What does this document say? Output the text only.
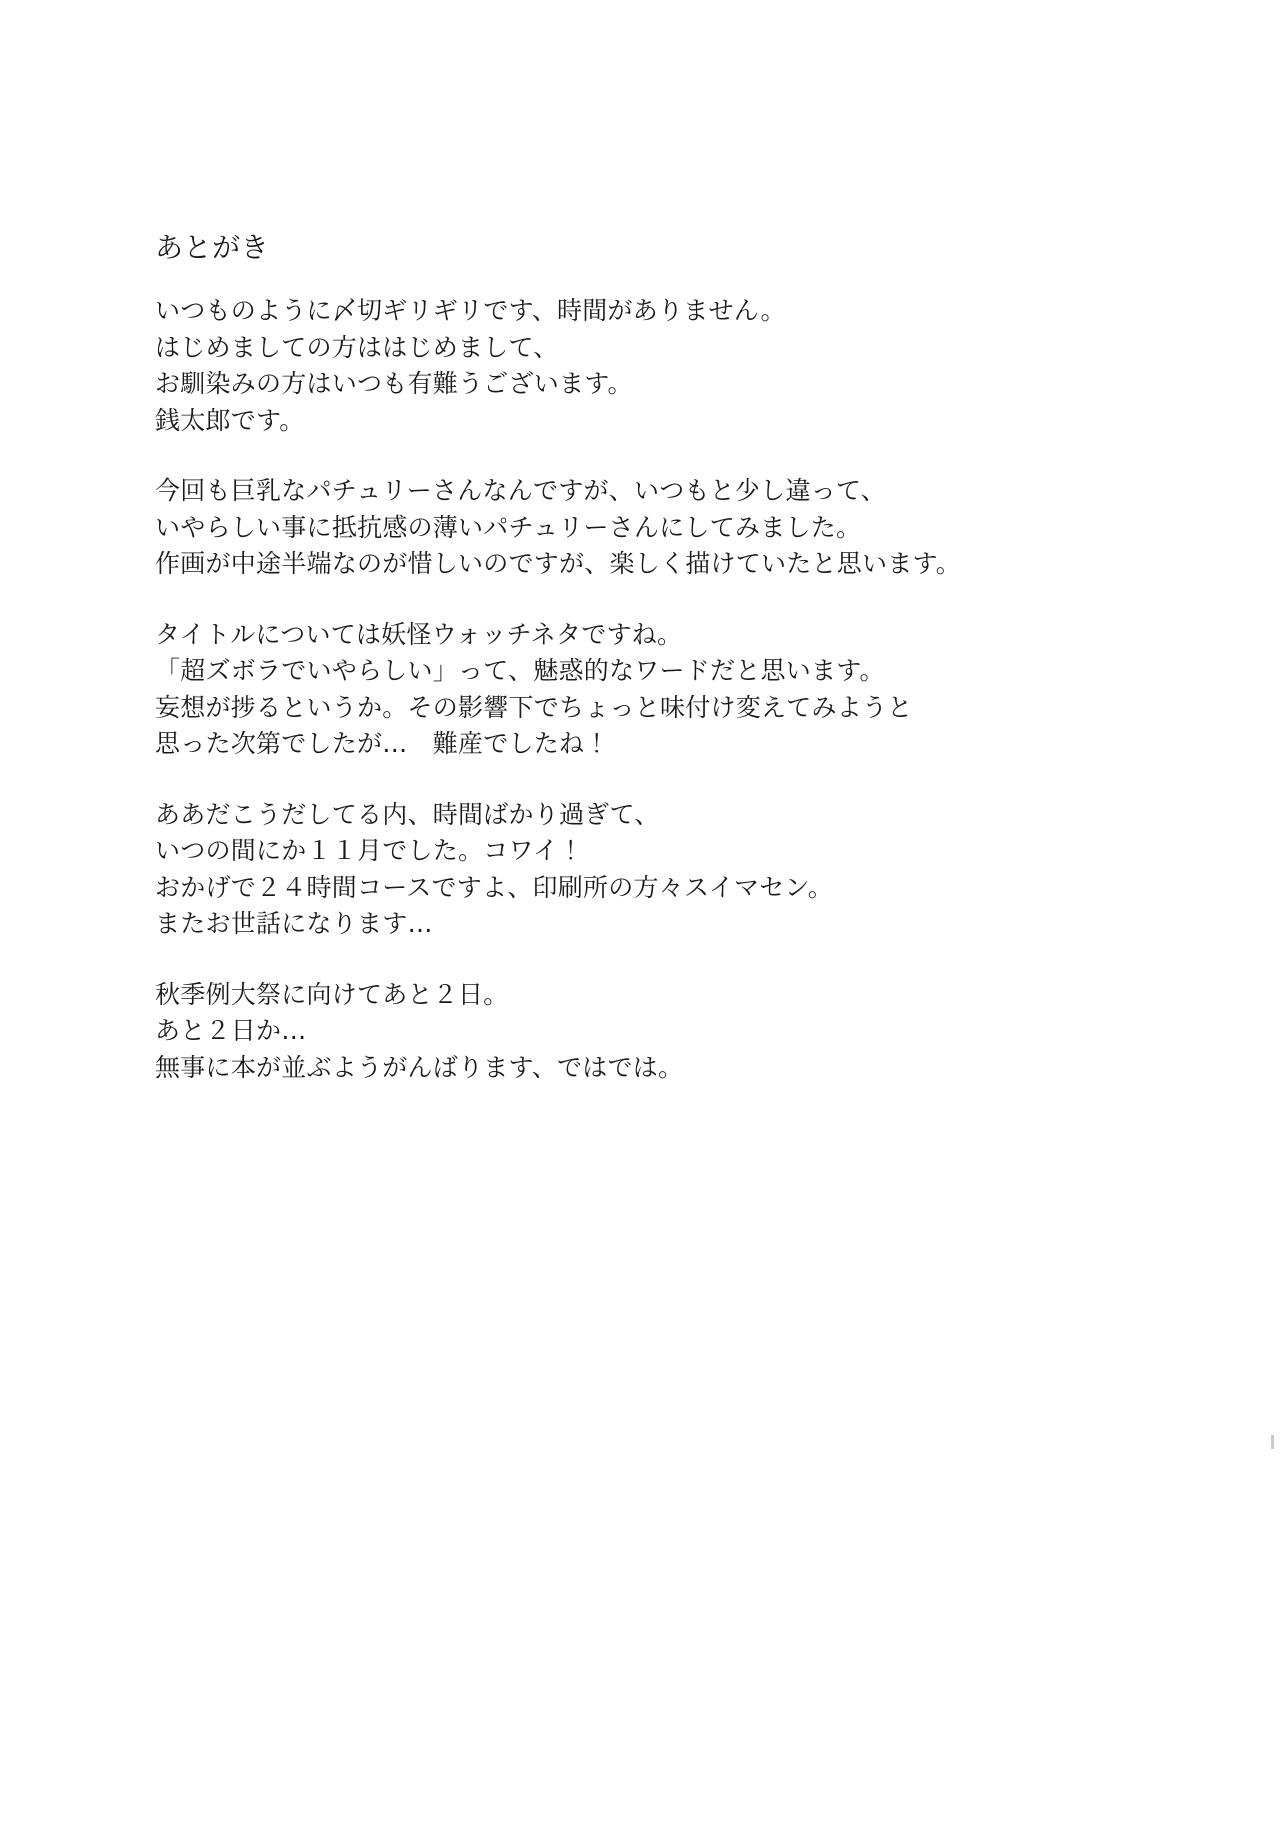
あとがき

いつものように〆切ギリギリです、時間がありません。

はじめましての方ははじめまして、

お馴染みの方はいつも有難うございます。

銭太郎です。

今回も巨乳なパチュリーさんなんですが、いつもと少し違って、

いやらしい事に抵抗感の薄いパチュリーさんにしてみました。

作画が中途半端なのが惜しいのですが、楽しく描けていたと思います。

タイトルについては妖怪ウォッチネタですね。

「超ズボラでいやらしい」って、魅惑的なワードだと思います。

妄想が捗るというか。その影響下でちょっと味付け変えてみようと

思った次第でしたが…　難産でしたね！

ああだこうだしてる内、時間ばかり過ぎて、

いつの間にか１１月でした。コワイ！

おかげで２４時間コースですよ、印刷所の方々スイマセン。

またお世話になります…

秋季例大祭に向けてあと２日。

あと２日か…

無事に本が並ぶようがんばります、ではでは。
